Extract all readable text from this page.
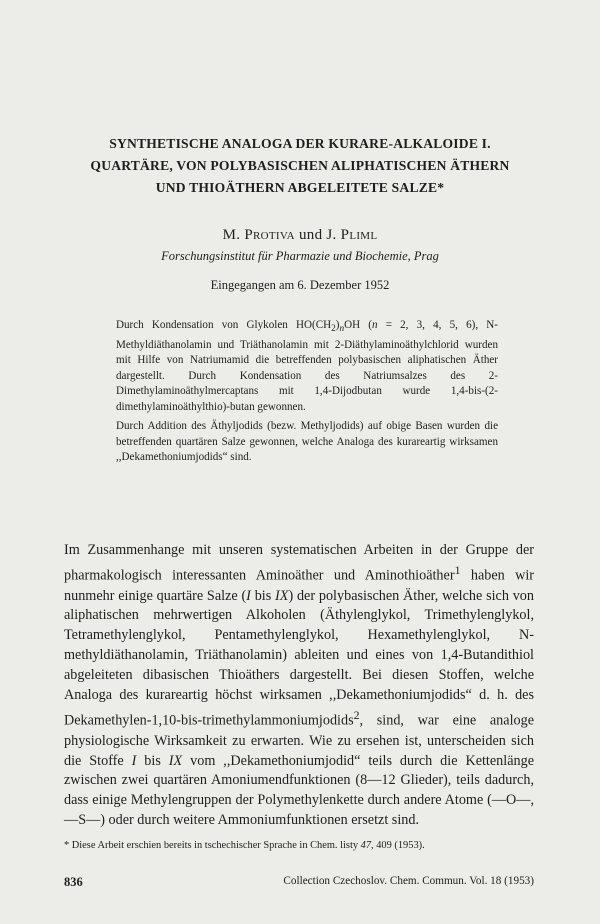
SYNTHETISCHE ANALOGA DER KURARE-ALKALOIDE I.
QUARTÄRE, VON POLYBASISCHEN ALIPHATISCHEN ÄTHERN
UND THIOÄTHERN ABGELEITETE SALZE*
M. Protiva und J. Pliml
Forschungsinstitut für Pharmazie und Biochemie, Prag
Eingegangen am 6. Dezember 1952

Durch Kondensation von Glykolen $HO(CH_2)_nOH$ (n = 2, 3, 4, 5, 6), N-Methyldiäthanolamin und Triäthanolamin mit 2-Diäthylaminoäthylchlorid wurden mit Hilfe von Natriumamid die betreffenden polybasischen aliphatischen Äther dargestellt. Durch Kondensation des Natriumsalzes des 2-Dimethylaminoäthylmercaptans mit 1,4-Dijodbutan wurde 1,4-bis-(2-dimethylaminoäthylthio)-butan gewonnen.

Durch Addition des Äthyljodids (bezw. Methyljodids) auf obige Basen wurden die betreffenden quartären Salze gewonnen, welche Analoga des kurareartig wirksamen ,,Dekamethoniumjodids“ sind.

Im Zusammenhange mit unseren systematischen Arbeiten in der Gruppe der pharmakologisch interessanten Aminoäther und Aminothioäther$^1$ haben wir nunmehr einige quartäre Salze (I bis IX) der polybasischen Äther, welche sich von aliphatischen mehrwertigen Alkoholen (Äthylenglykol, Trimethylenglykol, Tetramethylenglykol, Pentamethylenglykol, Hexamethylenglykol, N-methyldiäthanolamin, Triäthanolamin) ableiten und eines von 1,4-Butandithiol abgeleiteten dibasischen Thioäthers dargestellt. Bei diesen Stoffen, welche Analoga des kurareartig höchst wirksamen ,,Dekamethoniumjodids“ d. h. des Dekamethylen-1,10-bis-trimethylammoniumjodids$^2$, sind, war eine analoge physiologische Wirksamkeit zu erwarten. Wie zu ersehen ist, unterscheiden sich die Stoffe I bis IX vom ,,Dekamethoniumjodid“ teils durch die Kettenlänge zwischen zwei quartären Amoniumendfunktionen (8—12 Glieder), teils dadurch, dass einige Methylengruppen der Polymethylenkette durch andere Atome (—O—, —S—) oder durch weitere Ammoniumfunktionen ersetzt sind.

* Diese Arbeit erschien bereits in tschechischer Sprache in Chem. listy 47, 409 (1953).
836	Collection Czechoslov. Chem. Commun. Vol. 18 (1953)
